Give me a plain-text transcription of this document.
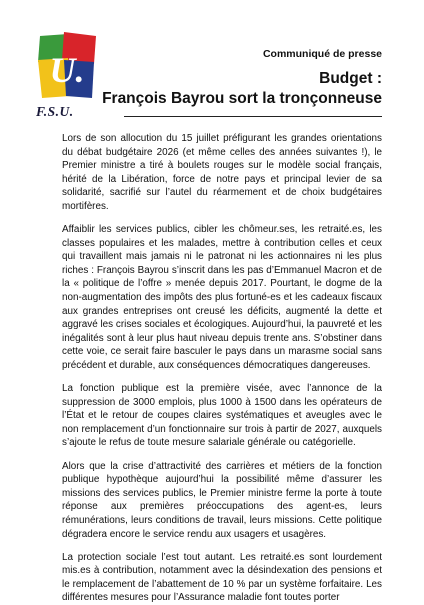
U.
F.S.U.
Communiqué de presse
Budget :
François Bayrou sort la tronçonneuse

Lors de son allocution du 15 juillet préfigurant les grandes orientations du débat budgétaire 2026 (et même celles des années suivantes !), le Premier ministre a tiré à boulets rouges sur le modèle social français, hérité de la Libération, force de notre pays et principal levier de sa solidarité, sacrifié sur l’autel du réarmement et de choix budgétaires mortifères.

Affaiblir les services publics, cibler les chômeur.ses, les retraité.es, les classes populaires et les malades, mettre à contribution celles et ceux qui travaillent mais jamais ni le patronat ni les actionnaires ni les plus riches : François Bayrou s’inscrit dans les pas d’Emmanuel Macron et de la « politique de l’offre » menée depuis 2017. Pourtant, le dogme de la non-augmentation des impôts des plus fortuné-es et les cadeaux fiscaux aux grandes entreprises ont creusé les déficits, augmenté la dette et aggravé les crises sociales et écologiques. Aujourd’hui, la pauvreté et les inégalités sont à leur plus haut niveau depuis trente ans. S’obstiner dans cette voie, ce serait faire basculer le pays dans un marasme social sans précédent et durable, aux conséquences démocratiques dangereuses.

La fonction publique est la première visée, avec l’annonce de la suppression de 3000 emplois, plus 1000 à 1500 dans les opérateurs de l’État et le retour de coupes claires systématiques et aveugles avec le non remplacement d’un fonctionnaire sur trois à partir de 2027, auxquels s’ajoute le refus de toute mesure salariale générale ou catégorielle.

Alors que la crise d’attractivité des carrières et métiers de la fonction publique hypothèque aujourd’hui la possibilité même d’assurer les missions des services publics, le Premier ministre ferme la porte à toute réponse aux premières préoccupations des agent-es, leurs rémunérations, leurs conditions de travail, leurs missions. Cette politique dégradera encore le service rendu aux usagers et usagères.

La protection sociale l’est tout autant. Les retraité.es sont lourdement mis.es à contribution, notamment avec la désindexation des pensions et le remplacement de l’abattement de 10 % par un système forfaitaire. Les différentes mesures pour l’Assurance maladie font toutes porter
